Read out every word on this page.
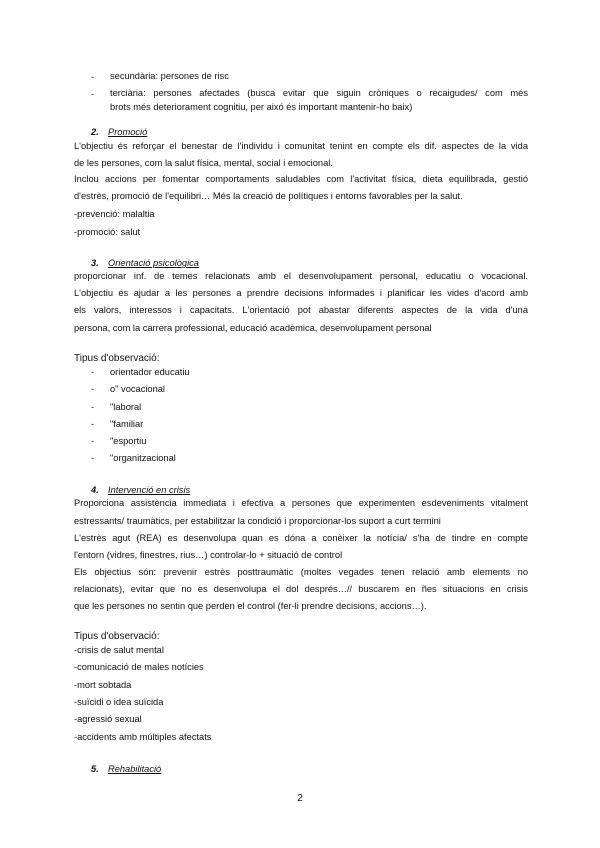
-	secundària: persones de risc
-	terciària: persones afectades (busca evitar que siguin cròniques o recaigudes/ com més
brots més deteriorament cognitiu, per aixó és important mantenir-ho baix)
2. Promoció
L'objectiu és reforçar el benestar de l'individu i comunitat tenint en compte els dif. aspectes de la vida
de les persones, com la salut física, mental, social i emocional.
Inclou accions per fomentar comportaments saludables com l'activitat física, dieta equilibrada, gestió
d'estrès, promoció de l'equilibri… Més la creació de polítiques i entorns favorables per la salut.
-prevenció: malaltia
-promoció: salut
3. Orientació psicològica
proporcionar inf. de temes relacionats amb el desenvolupament personal, educatiu o vocacional.
L'objectiu és ajudar a les persones a prendre decisions informades i planificar les vides d'acord amb
els valors, interessos i capacitats. L'orientació pot abastar diferents aspectes de la vida d'una
persona, com la carrera professional, educació acadèmica, desenvolupament personal
Tipus d'observació:
-	orientador educatiu
-	o" vocacional
-	"laboral
-	"familiar
-	"esportiu
-	"organitzacional
4. Intervenció en crisis
Proporciona assistència immediata i efectiva a persones que experimenten esdeveniments vitalment
estressants/ traumàtics, per estabilitzar la condició i proporcionar-los suport a curt termini
L'estrès agut (REA) es desenvolupa quan es dóna a conèixer la notícia/ s'ha de tindre en compte
l'entorn (vidres, finestres, rius…) controlar-lo + situació de control
Els objectius són: prevenir estrès posttraumàtic (moltes vegades tenen relació amb elements no
relacionats), evitar que no es desenvolupa el dol després…// buscarem en ñes situacions en crisis
que les persones no sentin que perden el control (fer-li prendre decisions, accions…).
Tipus d'observació:
-crisis de salut mental
-comunicació de males notícies
-mort sobtada
-suïcidi o idea suïcida
-agressió sexual
-accidents amb múltiples afectats
5. Rehabilitació
2
